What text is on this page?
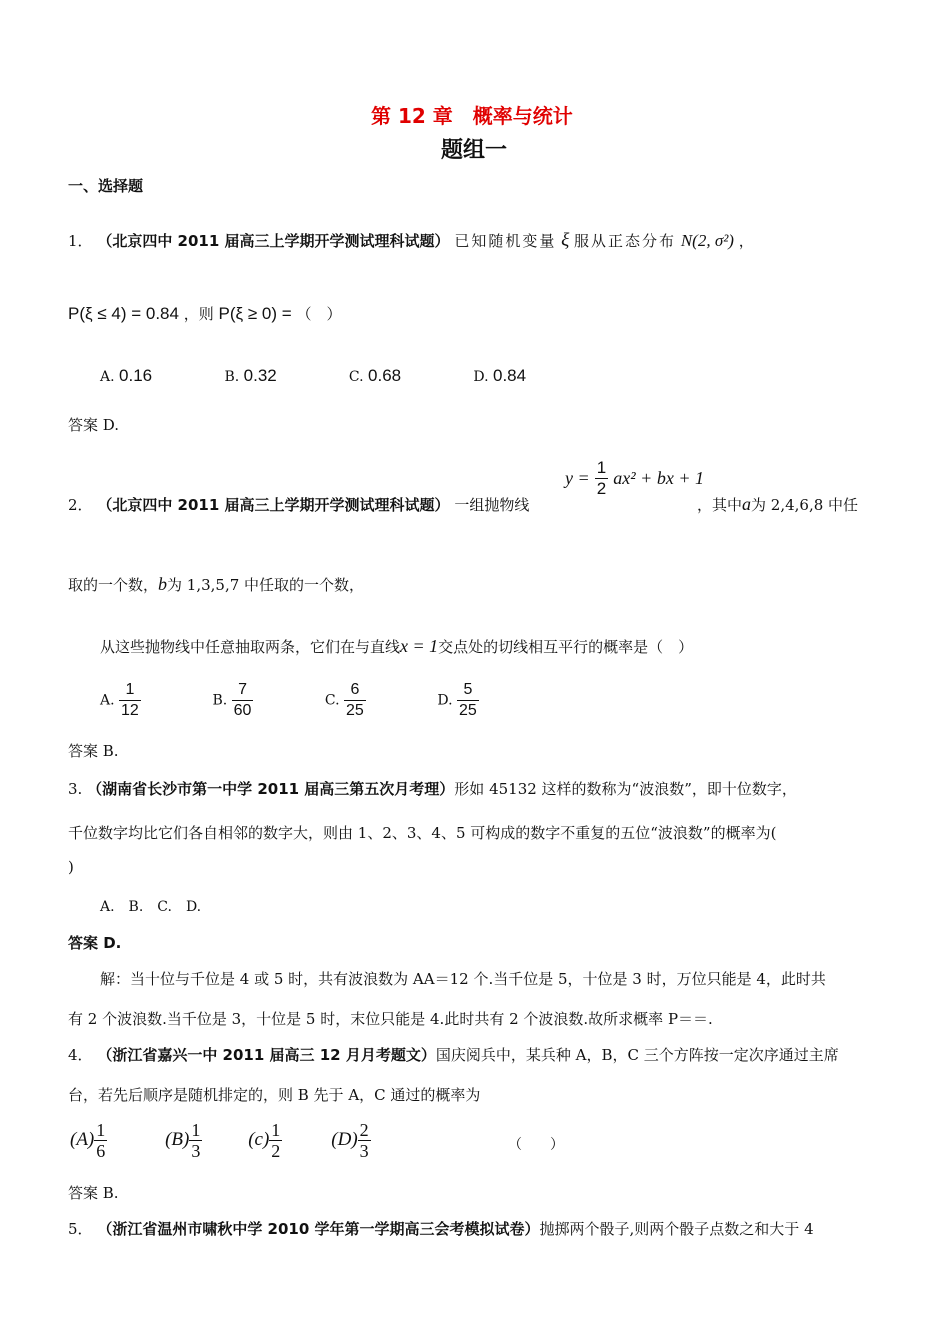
第 12 章　概率与统计
题组一
一、选择题
1． （北京四中 2011 届高三上学期开学测试理科试题） 已知随机变量 ξ 服从正态分布 N(2, σ²) ，
P(ξ ≤ 4) = 0.84 ，则 P(ξ ≥ 0) = （　）
A. 0.16	B. 0.32	C. 0.68	D. 0.84
答案 D.
2． （北京四中 2011 届高三上学期开学测试理科试题） 一组抛物线
$y = \frac{1}{2} ax^2$ + bx + 1
，其中a为 2,4,6,8 中任
取的一个数，b为 1,3,5,7 中任取的一个数，
从这些抛物线中任意抽取两条，它们在与直线x = 1交点处的切线相互平行的概率是（　）
A. $\frac{1}{12}$	B. $\frac{7}{60}$	C. $\frac{6}{25}$	D. $\frac{5}{25}$
答案 B.
3. （湖南省长沙市第一中学 2011 届高三第五次月考理）形如 45132 这样的数称为“波浪数”，即十位数字，
千位数字均比它们各自相邻的数字大，则由 1、2、3、4、5 可构成的数字不重复的五位“波浪数”的概率为(
)
A.　B.　C.　D.
答案 D.
解：当十位与千位是 4 或 5 时，共有波浪数为 AA＝12 个.当千位是 5，十位是 3 时，万位只能是 4，此时共
有 2 个波浪数.当千位是 3，十位是 5 时，末位只能是 4.此时共有 2 个波浪数.故所求概率 P＝＝.
4． （浙江省嘉兴一中 2011 届高三 12 月月考题文）国庆阅兵中，某兵种 A，B，C 三个方阵按一定次序通过主席
台，若先后顺序是随机排定的，则 B 先于 A，C 通过的概率为
$(A) \frac{1}{6}$	$(B) \frac{1}{3} (c) \frac{1}{2}$	$(D) \frac{2}{3}$	（　　）
答案 B.
5． （浙江省温州市啸秋中学 2010 学年第一学期高三会考模拟试卷）抛掷两个骰子,则两个骰子点数之和大于 4
